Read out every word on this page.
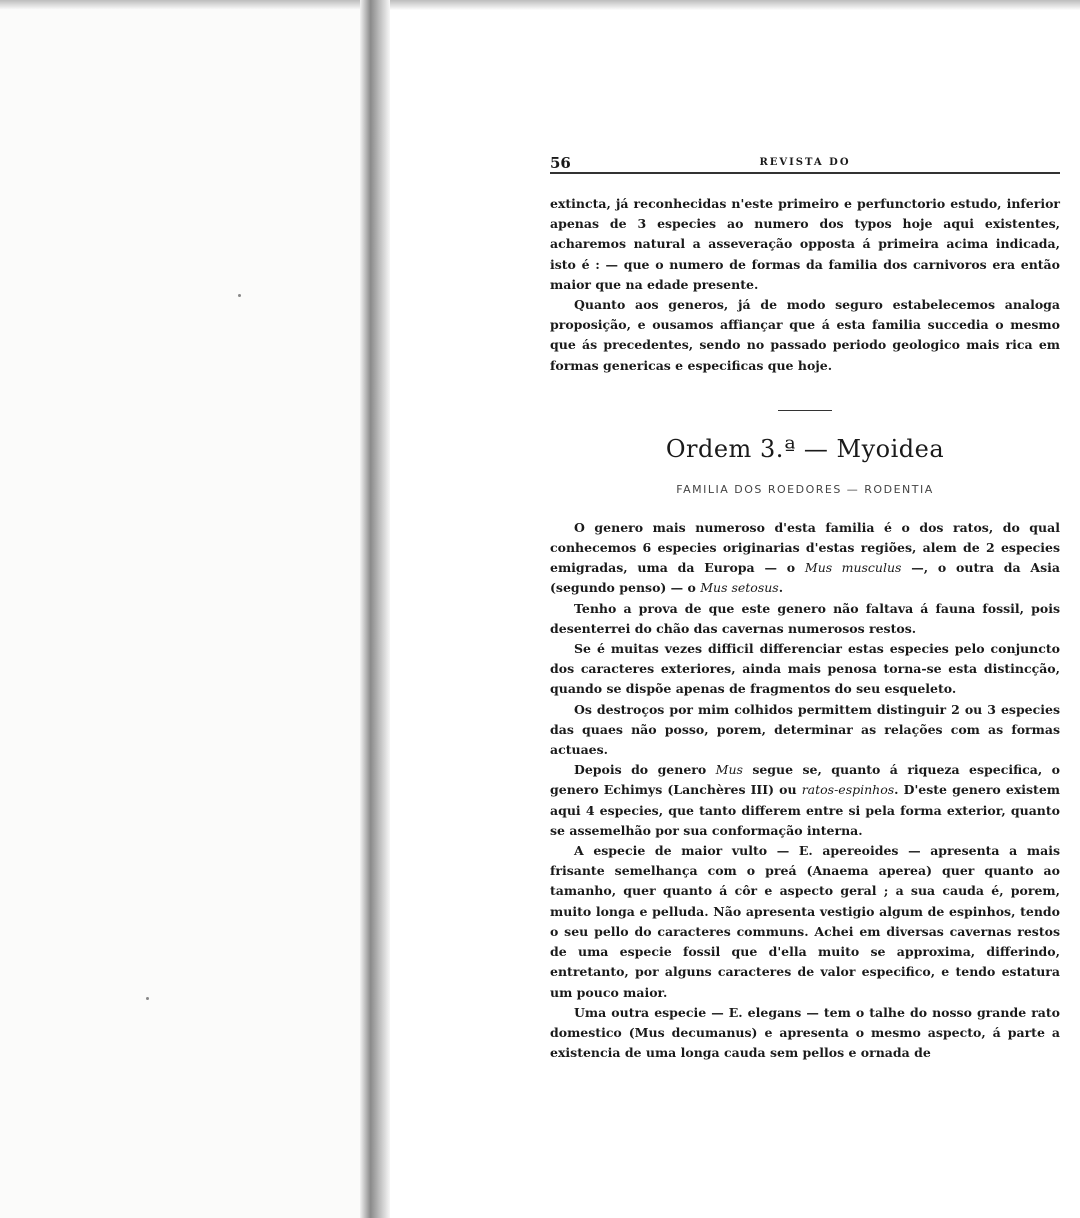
56	REVISTA DO

extincta, já reconhecidas n'este primeiro e perfunctorio estudo, inferior apenas de 3 especies ao numero dos typos hoje aqui existentes, acharemos natural a asseveração opposta á primeira acima indicada, isto é : — que o numero de formas da familia dos carnivoros era então maior que na edade presente.

Quanto aos generos, já de modo seguro estabelecemos analoga proposição, e ousamos affiançar que á esta familia succedia o mesmo que ás precedentes, sendo no passado periodo geologico mais rica em formas genericas e especificas que hoje.

Ordem 3.ª — Myoidea
FAMILIA DOS ROEDORES — RODENTIA

O genero mais numeroso d'esta familia é o dos ratos, do qual conhecemos 6 especies originarias d'estas regiões, alem de 2 especies emigradas, uma da Europa — o Mus musculus —, o outra da Asia (segundo penso) — o Mus setosus.

Tenho a prova de que este genero não faltava á fauna fossil, pois desenterrei do chão das cavernas numerosos restos.

Se é muitas vezes difficil differenciar estas especies pelo conjuncto dos caracteres exteriores, ainda mais penosa torna-se esta distincção, quando se dispõe apenas de fragmentos do seu esqueleto.

Os destroços por mim colhidos permittem distinguir 2 ou 3 especies das quaes não posso, porem, determinar as relações com as formas actuaes.

Depois do genero Mus segue se, quanto á riqueza especifica, o genero Echimys (Lanchères III) ou ratos-espinhos. D'este genero existem aqui 4 especies, que tanto differem entre si pela forma exterior, quanto se assemelhão por sua conformação interna.

A especie de maior vulto — E. apereoides — apresenta a mais frisante semelhança com o preá (Anaema aperea) quer quanto ao tamanho, quer quanto á côr e aspecto geral ; a sua cauda é, porem, muito longa e pelluda. Não apresenta vestigio algum de espinhos, tendo o seu pello do caracteres communs. Achei em diversas cavernas restos de uma especie fossil que d'ella muito se approxima, differindo, entretanto, por alguns caracteres de valor especifico, e tendo estatura um pouco maior.

Uma outra especie — E. elegans — tem o talhe do nosso grande rato domestico (Mus decumanus) e apresenta o mesmo aspecto, á parte a existencia de uma longa cauda sem pellos e ornada de
